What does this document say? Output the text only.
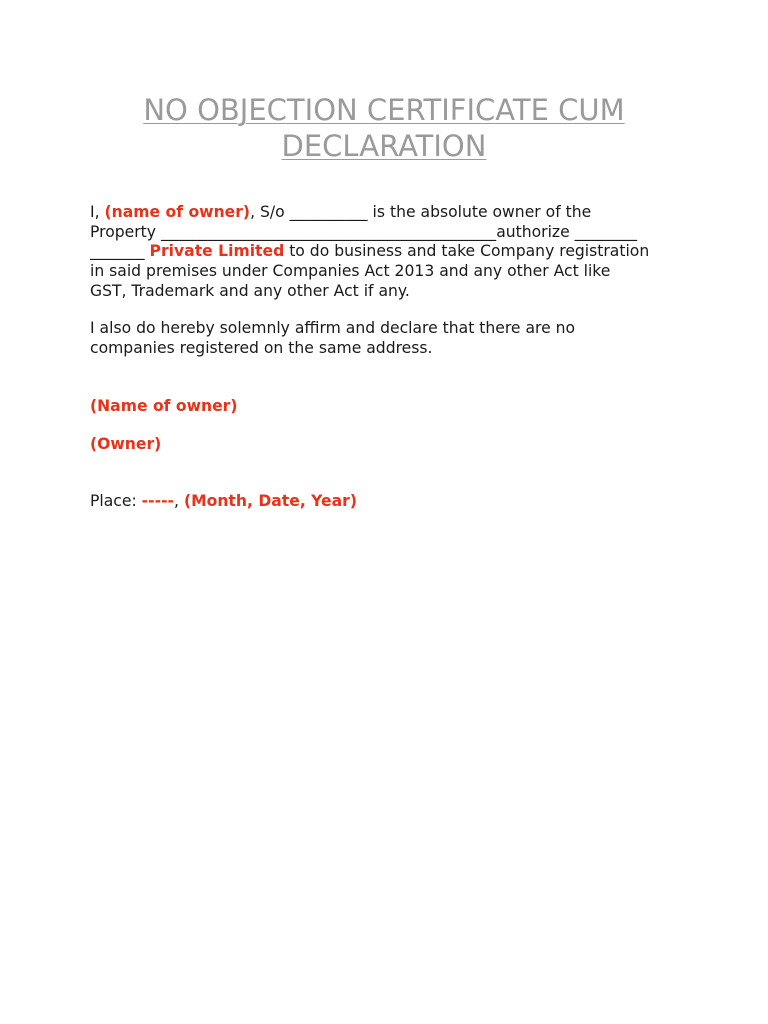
NO OBJECTION CERTIFICATE CUM
DECLARATION

I, (name of owner), S/o __________ is the absolute owner of the
Property ___________________________________________authorize ________
_______ Private Limited to do business and take Company registration
in said premises under Companies Act 2013 and any other Act like
GST, Trademark and any other Act if any.

I also do hereby solemnly affirm and declare that there are no
companies registered on the same address.

(Name of owner)

(Owner)

Place: -----, (Month, Date, Year)
